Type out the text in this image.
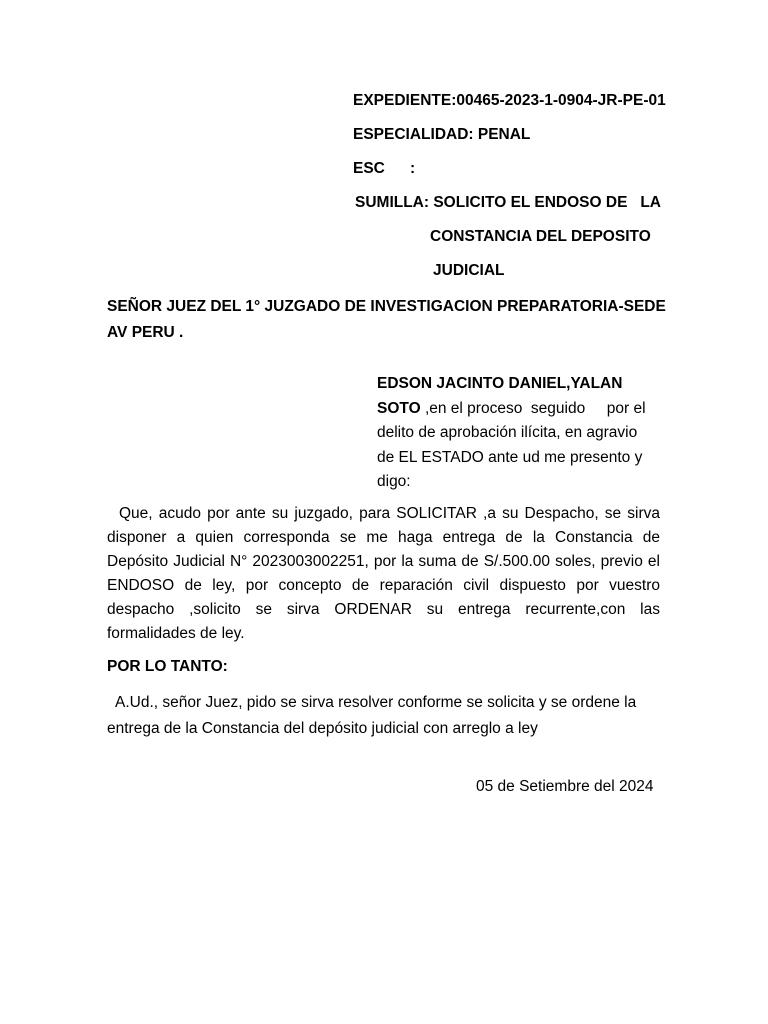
EXPEDIENTE:00465-2023-1-0904-JR-PE-01
ESPECIALIDAD: PENAL
ESC :
SUMILLA: SOLICITO EL ENDOSO DE   LA
CONSTANCIA DEL DEPOSITO
JUDICIAL
SEÑOR JUEZ DEL 1° JUZGADO DE INVESTIGACION PREPARATORIA-SEDE AV PERU .
EDSON JACINTO DANIEL,YALAN
SOTO ,en el proceso  seguido     por el
delito de aprobación ilícita, en agravio
de EL ESTADO ante ud me presento y
digo:
Que, acudo por ante su juzgado, para SOLICITAR ,a su Despacho, se sirva disponer a quien corresponda se me haga entrega de la Constancia de Depósito Judicial N° 2023003002251, por la suma de S/.500.00 soles, previo el ENDOSO de ley, por concepto de reparación civil dispuesto por vuestro despacho ,solicito se sirva ORDENAR su entrega recurrente,con las formalidades de ley.
POR LO TANTO:
A.Ud., señor Juez, pido se sirva resolver conforme se solicita y se ordene la entrega de la Constancia del depósito judicial con arreglo a ley
05 de Setiembre del 2024
